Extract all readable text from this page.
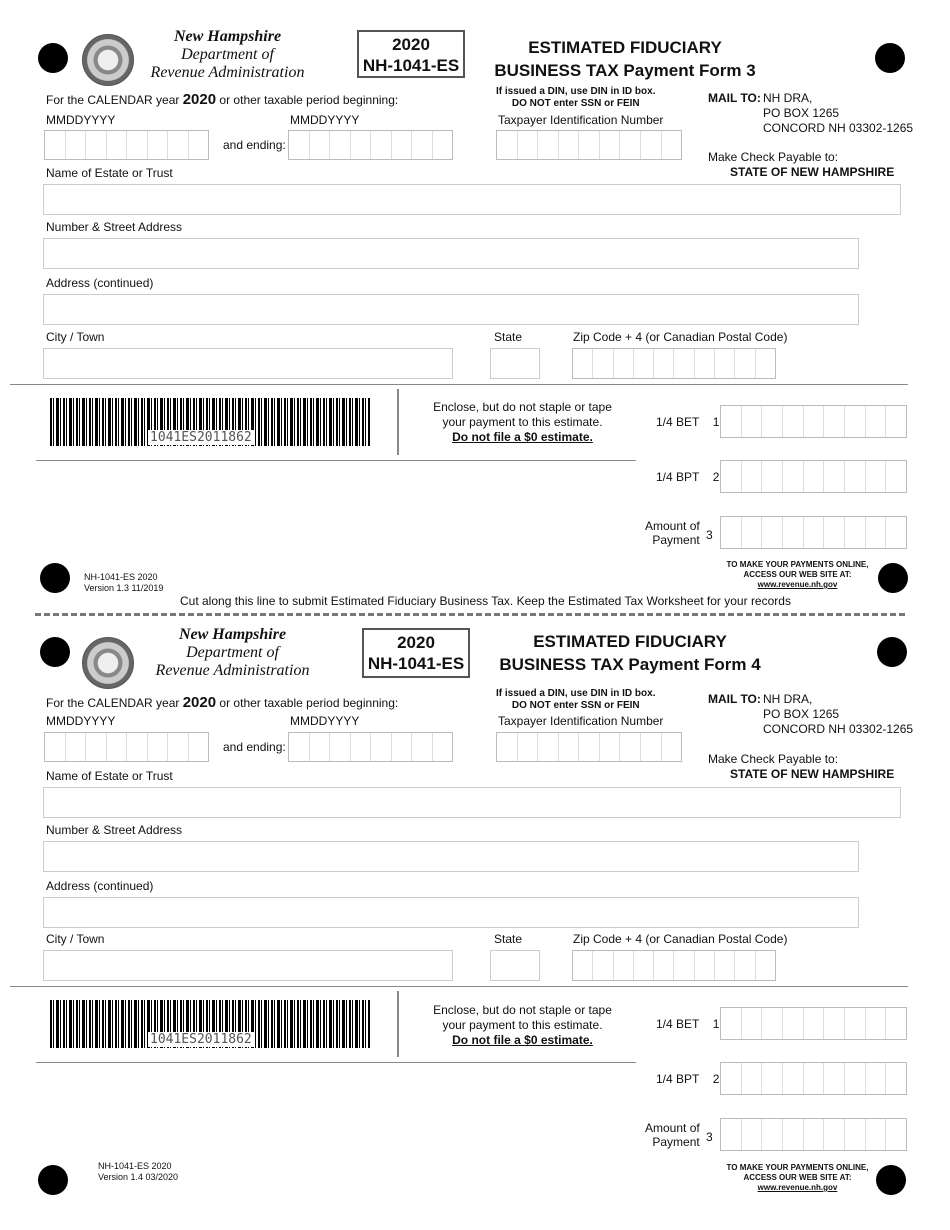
New Hampshire
Department of
Revenue Administration
2020
NH-1041-ES
ESTIMATED FIDUCIARY
BUSINESS TAX Payment Form 3
For the CALENDAR year 2020 or other taxable period beginning:
MMDDYYYY	MMDDYYYY
and ending:
If issued a DIN, use DIN in ID box.
DO NOT enter SSN or FEIN
Taxpayer Identification Number
MAIL TO: NH DRA,
PO BOX 1265
CONCORD NH 03302-1265
Make Check Payable to:
STATE OF NEW HAMPSHIRE
Name of Estate or Trust
Number & Street Address
Address (continued)
City / Town	State	Zip Code + 4 (or Canadian Postal Code)
1041ES2011862
Enclose, but do not staple or tape
your payment to this estimate.
Do not file a $0 estimate.
1/4 BET 1
1/4 BPT 2
Amount of
Payment 3
NH-1041-ES 2020
Version 1.3 11/2019
TO MAKE YOUR PAYMENTS ONLINE,
ACCESS OUR WEB SITE AT:
www.revenue.nh.gov
Cut along this line to submit Estimated Fiduciary Business Tax. Keep the Estimated Tax Worksheet for your records
New Hampshire
Department of
Revenue Administration
2020
NH-1041-ES
ESTIMATED FIDUCIARY
BUSINESS TAX Payment Form 4
For the CALENDAR year 2020 or other taxable period beginning:
MMDDYYYY	MMDDYYYY
and ending:
If issued a DIN, use DIN in ID box.
DO NOT enter SSN or FEIN
Taxpayer Identification Number
MAIL TO: NH DRA,
PO BOX 1265
CONCORD NH 03302-1265
Make Check Payable to:
STATE OF NEW HAMPSHIRE
Name of Estate or Trust
Number & Street Address
Address (continued)
City / Town	State	Zip Code + 4 (or Canadian Postal Code)
1041ES2011862
Enclose, but do not staple or tape
your payment to this estimate.
Do not file a $0 estimate.
1/4 BET 1
1/4 BPT 2
Amount of
Payment 3
NH-1041-ES 2020
Version 1.4 03/2020
TO MAKE YOUR PAYMENTS ONLINE,
ACCESS OUR WEB SITE AT:
www.revenue.nh.gov
